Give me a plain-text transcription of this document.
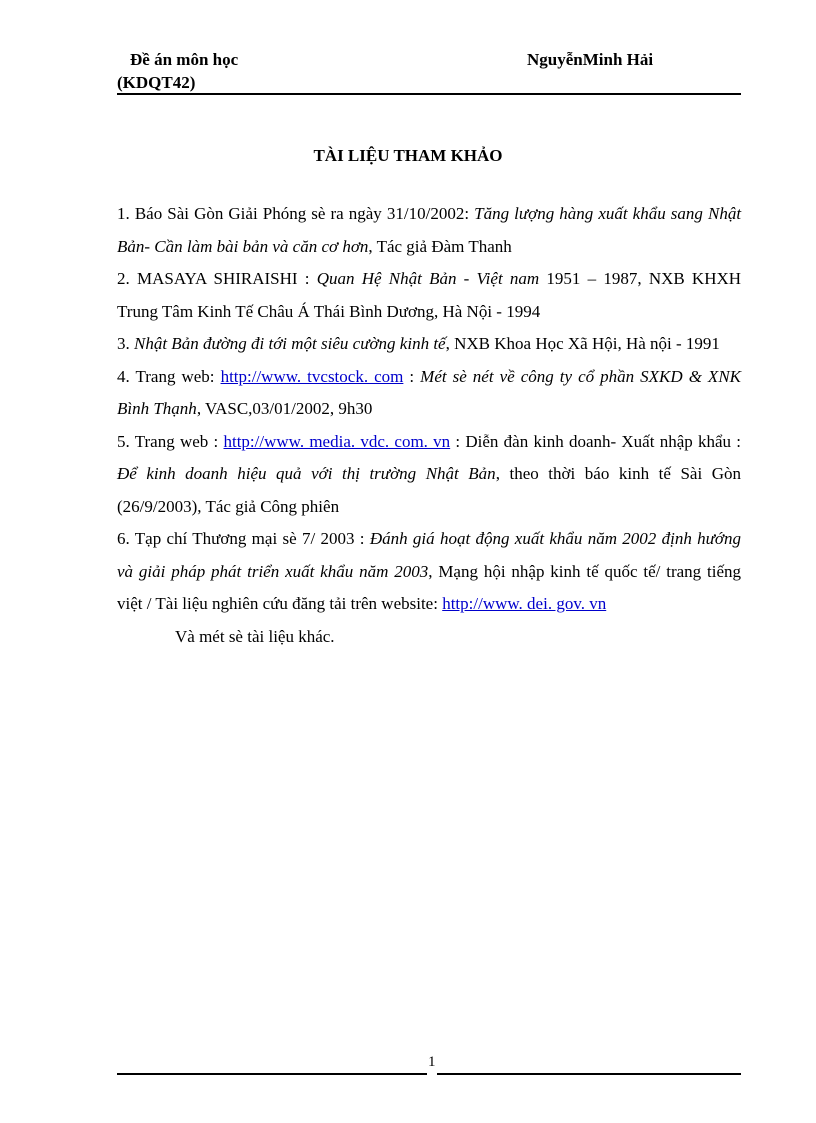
Đề án môn học
(KDQT42)
NguyễnMinh Hải
TÀI LIỆU THAM KHẢO

1. Báo Sài Gòn Giải Phóng sè ra ngày 31/10/2002: Tăng lượng hàng xuất khẩu sang Nhật Bản- Cần làm bài bản và căn cơ hơn, Tác giả Đàm Thanh

2. MASAYA SHIRAISHI : Quan Hệ Nhật Bản - Việt nam 1951 – 1987, NXB KHXH Trung Tâm Kinh Tế Châu Á Thái Bình Dương, Hà Nội - 1994

3. Nhật Bản đường đi tới một siêu cường kinh tế, NXB Khoa Học Xã Hội, Hà nội - 1991

4. Trang web: http://www. tvcstock. com : Mét sè nét về công ty cổ phần SXKD & XNK Bình Thạnh, VASC,03/01/2002, 9h30

5. Trang web : http://www. media. vdc. com. vn : Diễn đàn kinh doanh- Xuất nhập khẩu : Để kinh doanh hiệu quả với thị trường Nhật Bản, theo thời báo kinh tế Sài Gòn (26/9/2003), Tác giả Công phiên

6. Tạp chí Thương mại sè 7/ 2003 : Đánh giá hoạt động xuất khẩu năm 2002 định hướng và giải pháp phát triển xuất khẩu năm 2003, Mạng hội nhập kinh tế quốc tế/ trang tiếng việt / Tài liệu nghiên cứu đăng tải trên website: http://www. dei. gov. vn

Và mét sè tài liệu khác.

1
